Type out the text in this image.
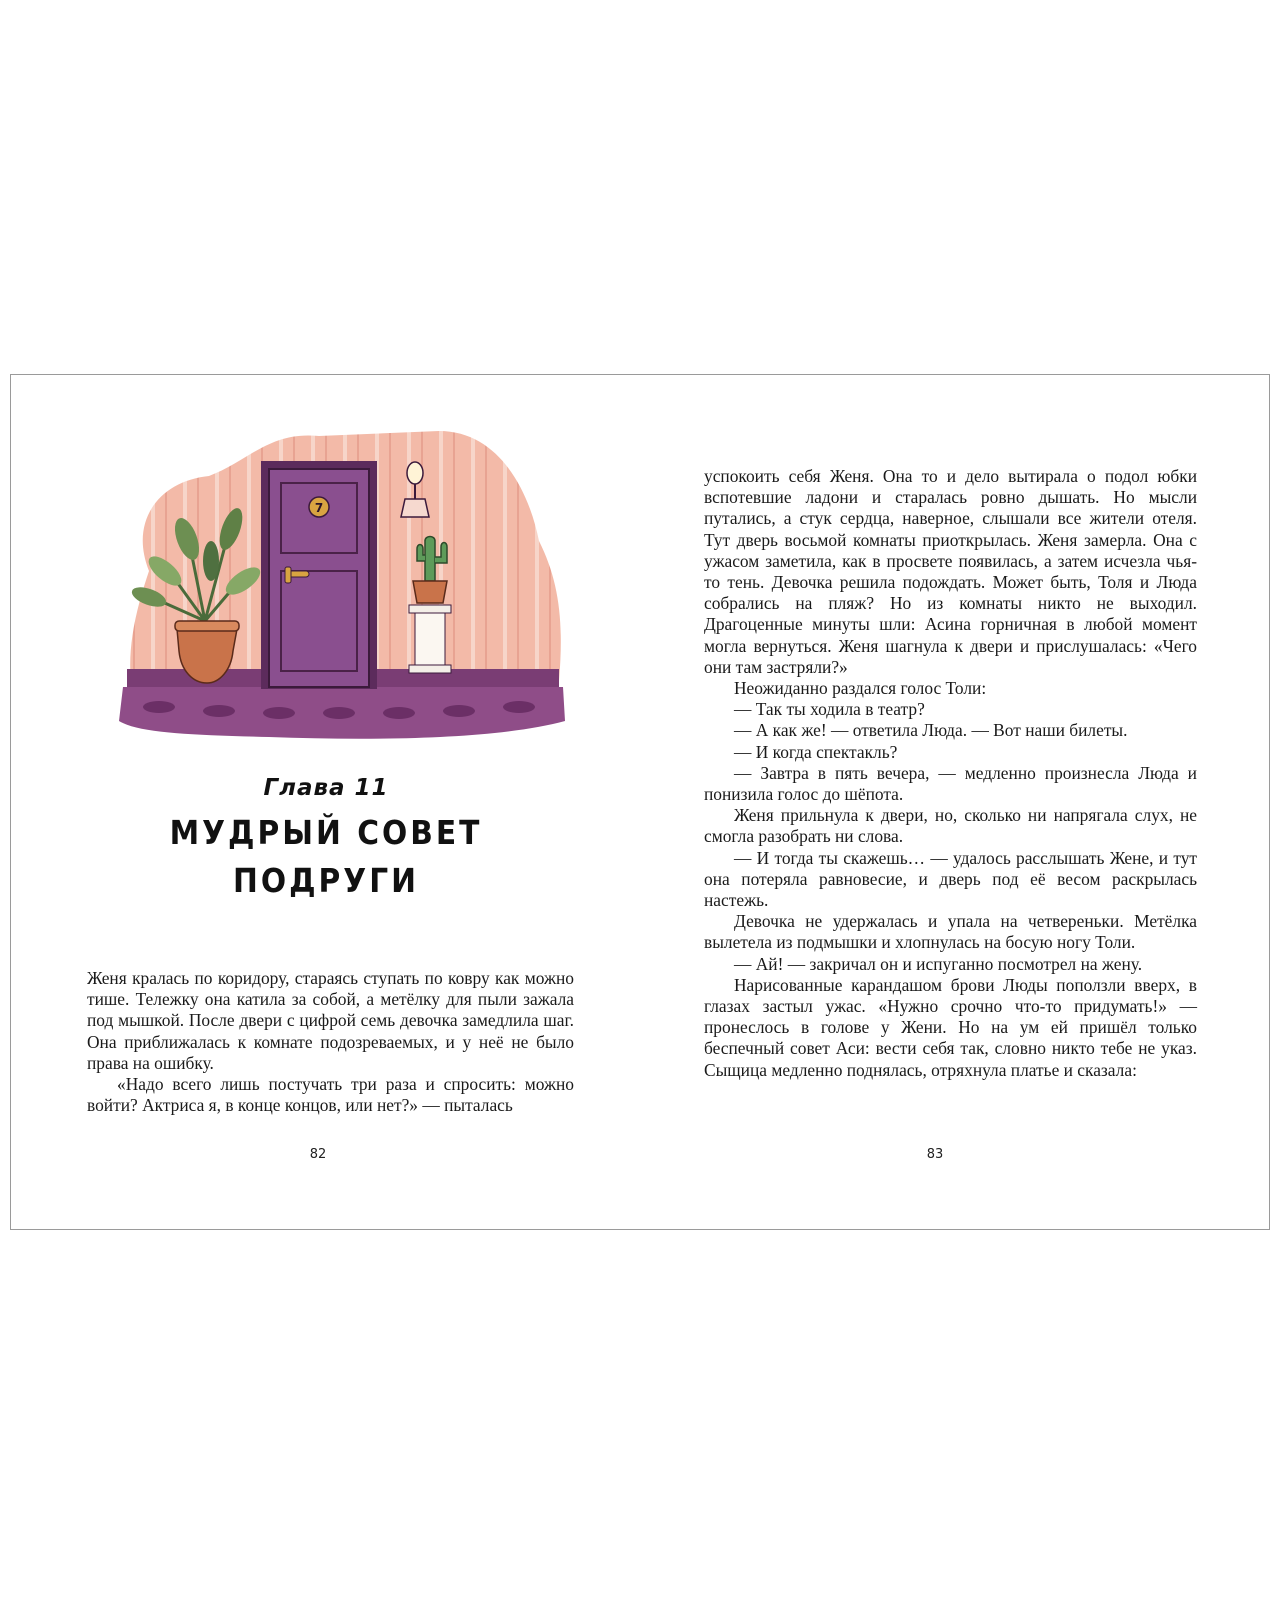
7
Глава 11
МУДРЫЙ СОВЕТ
ПОДРУГИ

Женя кралась по коридору, стараясь ступать по ковру как можно тише. Тележку она катила за собой, а метёлку для пыли зажала под мышкой. После двери с цифрой семь девочка замедлила шаг. Она приближалась к комнате подозреваемых, и у неё не было права на ошибку.

«Надо всего лишь постучать три раза и спросить: можно войти? Актриса я, в конце концов, или нет?» — пыталась

82

успокоить себя Женя. Она то и дело вытирала о подол юбки вспотевшие ладони и старалась ровно дышать. Но мысли путались, а стук сердца, наверное, слышали все жители отеля. Тут дверь восьмой комнаты приоткрылась. Женя замерла. Она с ужасом заметила, как в просвете появилась, а затем исчезла чья-то тень. Девочка решила подождать. Может быть, Толя и Люда собрались на пляж? Но из комнаты никто не выходил. Драгоценные минуты шли: Асина горничная в любой момент могла вернуться. Женя шагнула к двери и прислушалась: «Чего они там застряли?»

Неожиданно раздался голос Толи:

— Так ты ходила в театр?

— А как же! — ответила Люда. — Вот наши билеты.

— И когда спектакль?

— Завтра в пять вечера, — медленно произнесла Люда и понизила голос до шёпота.

Женя прильнула к двери, но, сколько ни напрягала слух, не смогла разобрать ни слова.

— И тогда ты скажешь… — удалось расслышать Жене, и тут она потеряла равновесие, и дверь под её весом раскрылась настежь.

Девочка не удержалась и упала на четвереньки. Метёлка вылетела из подмышки и хлопнулась на босую ногу Толи.

— Ай! — закричал он и испуганно посмотрел на жену.

Нарисованные карандашом брови Люды поползли вверх, в глазах застыл ужас. «Нужно срочно что-то придумать!» — пронеслось в голове у Жени. Но на ум ей пришёл только беспечный совет Аси: вести себя так, словно никто тебе не указ. Сыщица медленно поднялась, отряхнула платье и сказала:

83
